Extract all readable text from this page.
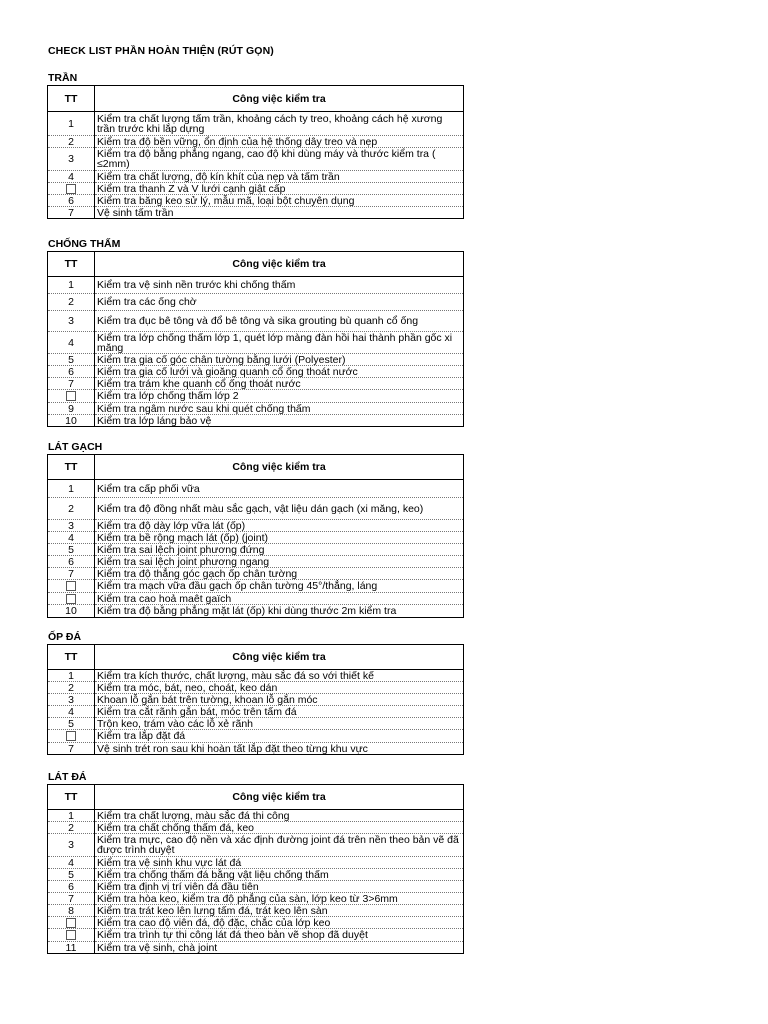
CHECK LIST PHẦN HOÀN THIỆN (RÚT GỌN)
TRẦN
TT	Công việc kiểm tra
1	Kiểm tra chất lượng tấm trần, khoảng cách ty treo, khoảng cách hệ xương trần trước khi lắp dựng
2	Kiểm tra độ bền vững, ổn định của hệ thống dây treo và nẹp
3	Kiểm tra độ bằng phẳng ngang, cao độ khi dùng máy và thước kiểm tra ( ≤2mm)
4	Kiểm tra chất lượng, độ kín khít của nẹp và tấm trần
	Kiểm tra thanh Z và V lưới cạnh giật cấp
6	Kiểm tra băng keo sử lý, mẫu mã, loại bột chuyên dụng
7	Vệ sinh tấm trần
CHỐNG THẤM
TT	Công việc kiểm tra
1	Kiểm tra vệ sinh nền trước khi chống thấm
2	Kiểm tra các ống chờ
3	Kiểm tra đục bê tông và đổ bê tông và sika grouting bù quanh cổ ống
4	Kiểm tra lớp chống thấm lớp 1, quét lớp màng đàn hồi hai thành phần gốc xi măng
5	Kiểm tra gia cố góc chân tường bằng lưới (Polyester)
6	Kiểm tra gia cố lưới và gioăng quanh cổ ống thoát nước
7	Kiểm tra trám khe quanh cổ ống thoát nước
	Kiểm tra lớp chống thấm lớp 2
9	Kiểm tra ngâm nước sau khi quét chống thấm
10	Kiểm tra lớp láng bảo vệ
LÁT GẠCH
TT	Công việc kiểm tra
1	Kiểm tra cấp phối vữa
2	Kiểm tra độ đồng nhất màu sắc gạch, vật liệu dán gạch (xi măng, keo)
3	Kiểm tra độ dày lớp vữa lát (ốp)
4	Kiểm tra bề rộng mạch lát (ốp) (joint)
5	Kiểm tra sai lệch joint phương đứng
6	Kiểm tra sai lệch joint phương ngang
7	Kiểm tra độ thẳng góc gạch ốp chân tường
	Kiểm tra mạch vữa đầu gạch ốp chân tường 45°/thẳng, láng
	Kiểm tra cao hoả maêt gaïch
10	Kiểm tra độ bằng phẳng mặt lát (ốp) khi dùng thước 2m kiểm tra
ỐP ĐÁ
TT	Công việc kiểm tra
1	Kiểm tra kích thước, chất lượng, màu sắc đá so với thiết kế
2	Kiểm tra móc, bát, neo, choát, keo dán
3	Khoan lỗ gắn bát trên tường, khoan lỗ gắn móc
4	Kiểm tra cắt rãnh gắn bát, móc trên tấm đá
5	Trộn keo, trám vào các lỗ xẻ rãnh
	Kiểm tra lắp đặt đá
7	Vệ sinh trét ron sau khi hoàn tất lắp đặt theo từng khu vực
LÁT ĐÁ
TT	Công việc kiểm tra
1	Kiểm tra chất lượng, màu sắc đá thi công
2	Kiểm tra chất chống thấm đá, keo
3	Kiểm tra mực, cao độ nền và xác định đường joint đá trên nền theo bản vẽ đã được trình duyệt
4	Kiểm tra vệ sinh khu vực lát đá
5	Kiểm tra chống thấm đá bằng vật liệu chống thấm
6	Kiểm tra định vị trí viên đá đầu tiên
7	Kiểm tra hòa keo, kiểm tra độ phẳng của sàn, lớp keo từ 3>6mm
8	Kiểm tra trát keo lên lưng tấm đá, trát keo lên sàn
	Kiểm tra cao độ viên đá, độ đặc, chắc của lớp keo
	Kiểm tra trình tự thi công lát đá theo bản vẽ shop đã duyệt
11	Kiểm tra vệ sinh, chà joint
